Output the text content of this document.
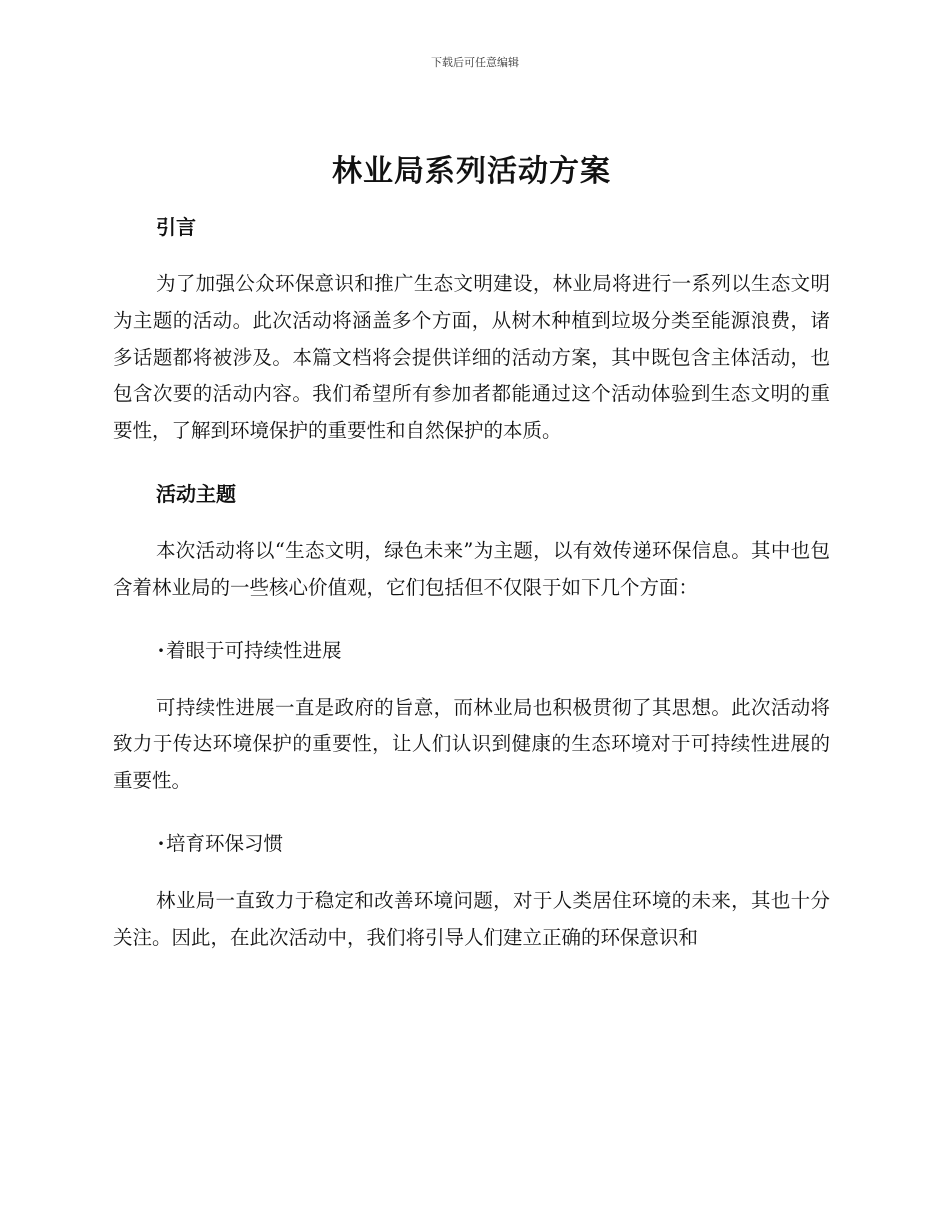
下载后可任意编辑
林业局系列活动方案
引言

为了加强公众环保意识和推广生态文明建设，林业局将进行一系列以生态文明为主题的活动。此次活动将涵盖多个方面，从树木种植到垃圾分类至能源浪费，诸多话题都将被涉及。本篇文档将会提供详细的活动方案，其中既包含主体活动，也包含次要的活动内容。我们希望所有参加者都能通过这个活动体验到生态文明的重要性，了解到环境保护的重要性和自然保护的本质。

活动主题

本次活动将以“生态文明，绿色未来”为主题，以有效传递环保信息。其中也包含着林业局的一些核心价值观，它们包括但不仅限于如下几个方面：

·着眼于可持续性进展

可持续性进展一直是政府的旨意，而林业局也积极贯彻了其思想。此次活动将致力于传达环境保护的重要性，让人们认识到健康的生态环境对于可持续性进展的重要性。

·培育环保习惯

林业局一直致力于稳定和改善环境问题，对于人类居住环境的未来，其也十分关注。因此，在此次活动中，我们将引导人们建立正确的环保意识和
